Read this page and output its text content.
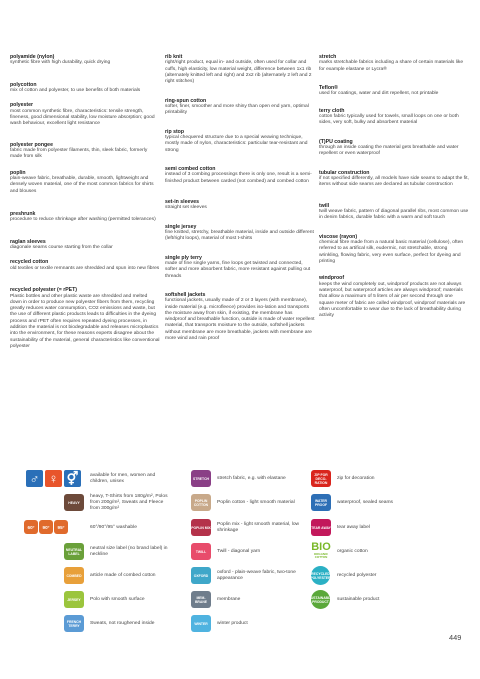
polyamide (nylon)
synthetic fibre with high durability, quick drying
polycotton
mix of cotton and polyester, to use benefits of both materials
polyester
most common synthetic fibre, characteristics: tensile strength, fineness, good dimensional stability, low moisture absorption; good wash behaviour, excellent light resistance
polyester pongee
fabric made from polyester filaments, thin, sleek fabric, formerly made from silk
poplin
plain-weave fabric, breathable, durable, smooth, lightweight and densely woven material, one of the most common fabrics for shirts and blouses
preshrunk
procedure to reduce shrinkage after washing (permitted tolerances)
raglan sleeves
diagonale seams course starting from the collar
recycled cotton
old textiles or textile remnants are shredded and spun into new fibres
recycled polyester (= rPET)
Plastic bottles and other plastic waste are shredded and melted down in order to produce new polyester fibers from them, recycling greatly reduces water consumption, CO2 emissions and waste, but the use of different plastic products leads to difficulties in the dyeing process and rPET often requires repeated dyeing processes, in addition the material is not biodegradable and releases microplastics into the environment, for these reasons experts disagree about the sustainability of the material, general characteristics like conventional polyester
rib knit
right/right product, equal in- and outside, often used for collar and cuffs, high elasticity, low material weight, difference between 1x1 rib (alternately knitted left and right) and 2x2 rib (alternately 2 left and 2 right stitches)
ring-spun cotton
softer, finer, smoother and more shiny than open end yarn, optimal printability
rip stop
typical chequered structure due to a special weaving technique, mostly made of nylon, characteristics: particular tear-resistant and strong
semi combed cotton
instead of 3 combing processings there is only one, result is a semi-finished product between carded (not combed) and combed cotton
set-in sleeves
straight set sleeves
single jersey
fine knitted, stretchy, breathable material, inside and outside different (left/right loops), material of most t-shirts
single ply terry
made of fine single yarns, fine loops get twisted and connected, softer and more absorbent fabric, more resistant against pulling out threads
softshell jackets
functional jackets, usually made of 2 or 3 layers (with membrane), inside material (e.g. microfleece) provides iso-lation and transports the moisture away from skin, if existing, the membrane has windproof and breathable function, outside is made of water repellent material, that transports moisture to the outside, softshell jackets without membrane are more breathable, jackets with membrane are more wind and rain proof
stretch
marks stretchable fabrics including a share of certain materials like for example elastane or Lycra®
Teflon®
used for coatings, water and dirt repellent, not printable
terry cloth
cotton fabric typically used for towels, small loops on one or both sides, very soft, bulky and absorbent material
(T)PU coating
through an inside coating the material gets breathable and water repellent or even waterproof
tubular construction
if not specified differently, all models have side seams to adapt the fit, items without side seams are declared as tubular construction
twill
twill weave fabric, pattern of diagonal parallel ribs, most common use in denim fabrics, durable fabric with a warm and soft touch
viscose (rayon)
chemical fibre made from a natural basic material (cellulose), often referred to as artifical silk, eudermic, not stretchable, strong wrinkling, flowing fabric, very even surface, perfect for dyeing and printing
windproof
keeps the wind completely out, windproof products are not always waterproof, but waterproof articles are always windproof; materials that allow a maximum of 5 liters of air per second through one square meter of fabric are called windproof, windproof materials are often uncomfortable to wear due to the lack of breathability during activity
♂ ♀ ⚥	available for men, women and children, unisex
STRETCH	stretch fabric, e.g. with elastane
ZIP FOR DECO-RATION
zip for decoration
HEAVY
heavy, T-Shirts from 180g/m², Polos from 200g/m², Sweats and Fleece from 300g/m²
POPLIN COTTON	Poplin cotton - light smooth material	WATER PROOF	waterproof, sealed seams
60°	90°	95°	60°/90°/95° washable	POPLIN MIX
Poplin mix - light smooth material, low shrinkage
TEAR AWAY tear away label
NEUTRAL LABEL
neutral size label (no brand label) in neckline
TWILL	Twill - diagonal yarn	BIO
ORGANIC COTTON
organic cotton
COMBED	article made of combed cotton	OXFORD
oxford - plain-weave fabric, two-tone appearance
RECYCLED POLYESTER recycled polyester
JERSEY	Polo with smooth surface	MEM-BRANE	membrane	SUSTAINABLE PRODUCT sustainable product
FRENCH TERRY	Sweats, not roughened inside	WINTER	winter product
449
